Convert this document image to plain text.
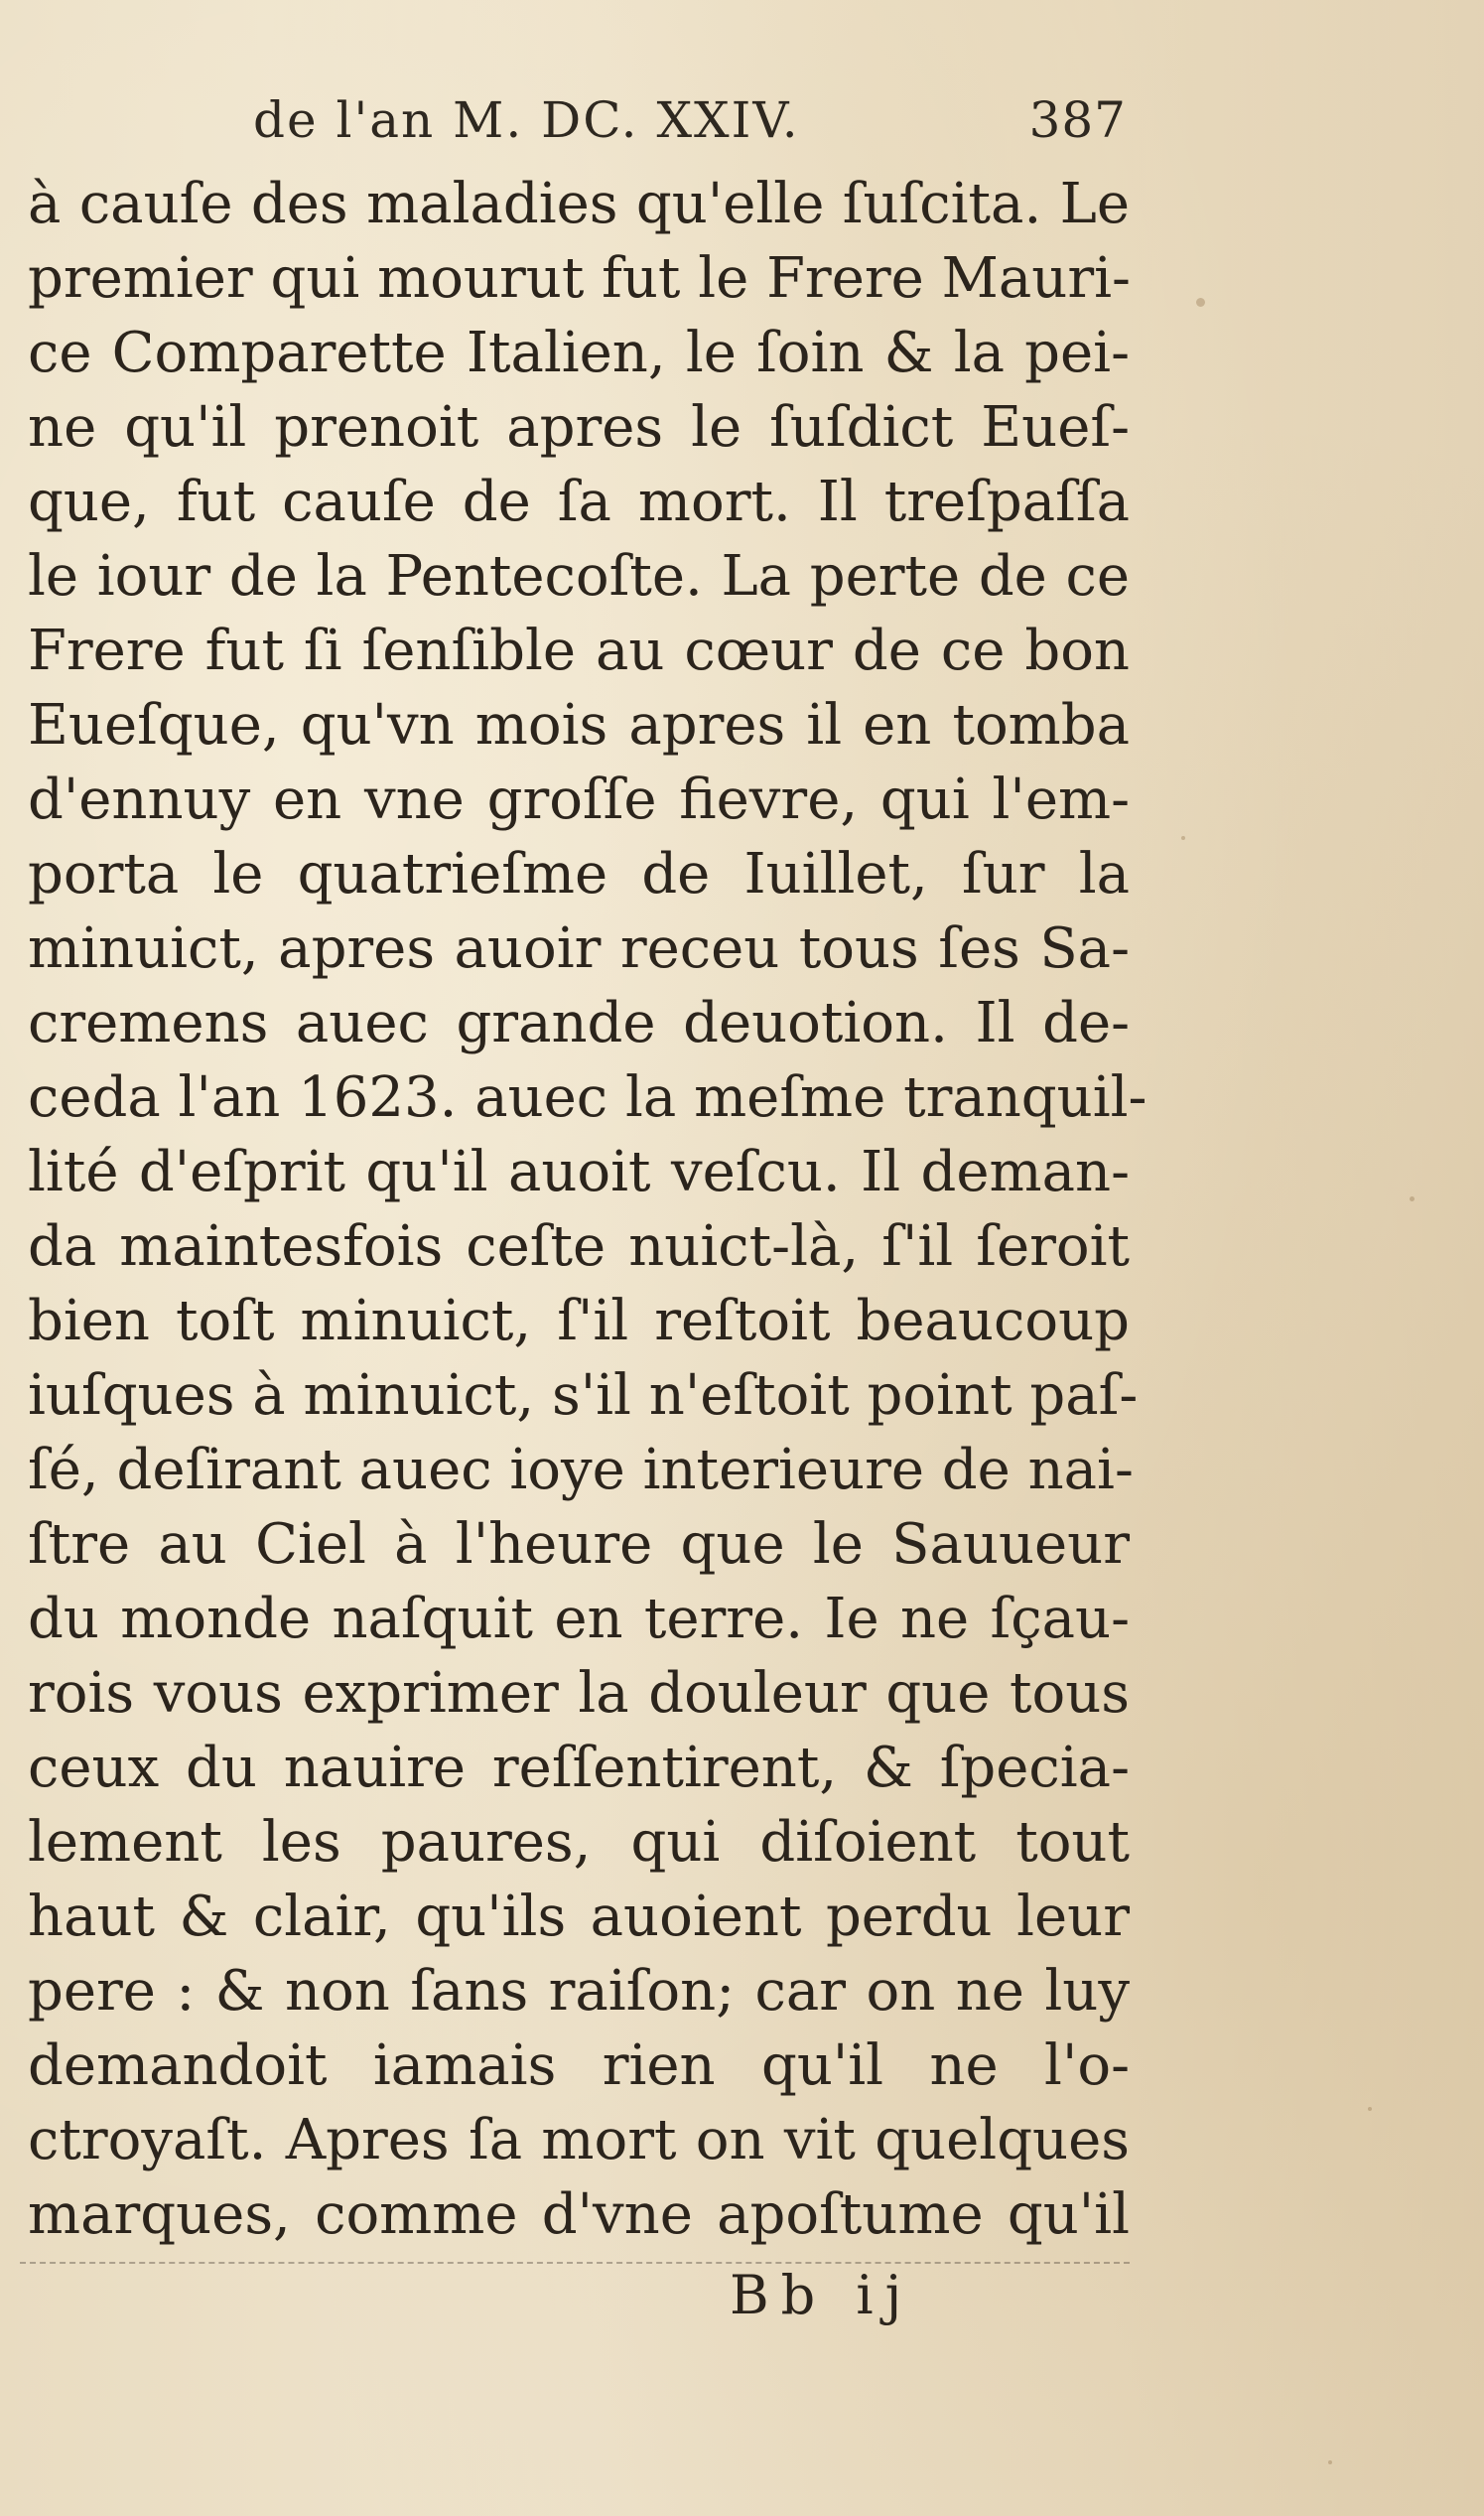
de l'an M. DC. XXIV.	387
à cauſe des maladies qu'elle ſuſcita. Le
premier qui mourut fut le Frere Mauri-
ce Comparette Italien, le ſoin & la pei-
ne qu'il prenoit apres le ſuſdict Eueſ-
que, fut cauſe de ſa mort. Il treſpaſſa
le iour de la Pentecoſte. La perte de ce
Frere fut ſi ſenſible au cœur de ce bon
Eueſque, qu'vn mois apres il en tomba
d'ennuy en vne groſſe fievre, qui l'em-
porta le quatrieſme de Iuillet, ſur la
minuict, apres auoir receu tous ſes Sa-
cremens auec grande deuotion. Il de-
ceda l'an 1623. auec la meſme tranquil-
lité d'eſprit qu'il auoit veſcu. Il deman-
da maintesfois ceſte nuict-là, ſ'il ſeroit
bien toſt minuict, ſ'il reſtoit beaucoup
iuſques à minuict, s'il n'eſtoit point paſ-
ſé, deſirant auec ioye interieure de nai-
ſtre au Ciel à l'heure que le Sauueur
du monde naſquit en terre. Ie ne ſçau-
rois vous exprimer la douleur que tous
ceux du nauire reſſentirent, & ſpecia-
lement les paures, qui diſoient tout
haut & clair, qu'ils auoient perdu leur
pere : & non ſans raiſon; car on ne luy
demandoit iamais rien qu'il ne l'o-
ctroyaſt. Apres ſa mort on vit quelques
marques, comme d'vne apoſtume qu'il
Bb ij
